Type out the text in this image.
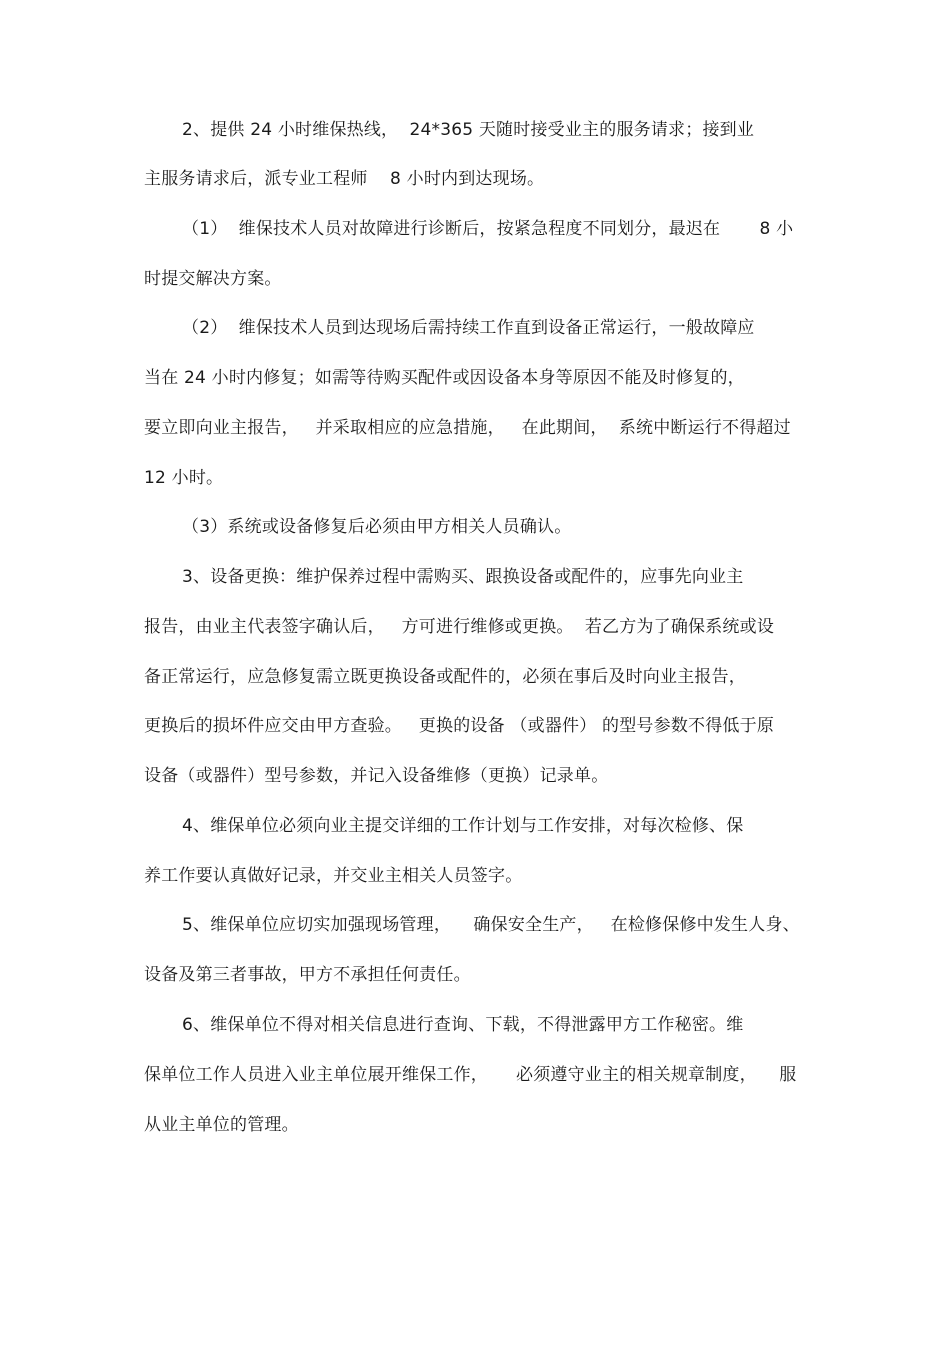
2、提供 24 小时维保热线，  24*365 天随时接受业主的服务请求；接到业
主服务请求后，派专业工程师    8 小时内到达现场。
（1）  维保技术人员对故障进行诊断后，按紧急程度不同划分，最迟在       8 小
时提交解决方案。
（2）  维保技术人员到达现场后需持续工作直到设备正常运行，一般故障应
当在 24 小时内修复；如需等待购买配件或因设备本身等原因不能及时修复的，
要立即向业主报告，   并采取相应的应急措施，   在此期间，  系统中断运行不得超过
12 小时。
（3）系统或设备修复后必须由甲方相关人员确认。
3、设备更换：维护保养过程中需购买、跟换设备或配件的，应事先向业主
报告，由业主代表签字确认后，   方可进行维修或更换。  若乙方为了确保系统或设
备正常运行，应急修复需立既更换设备或配件的，必须在事后及时向业主报告，
更换后的损坏件应交由甲方查验。   更换的设备 （或器件） 的型号参数不得低于原
设备（或器件）型号参数，并记入设备维修（更换）记录单。
4、维保单位必须向业主提交详细的工作计划与工作安排，对每次检修、保
养工作要认真做好记录，并交业主相关人员签字。
5、维保单位应切实加强现场管理，    确保安全生产，   在检修保修中发生人身、
设备及第三者事故，甲方不承担任何责任。
6、维保单位不得对相关信息进行查询、下载，不得泄露甲方工作秘密。维
保单位工作人员进入业主单位展开维保工作，     必须遵守业主的相关规章制度，    服
从业主单位的管理。
